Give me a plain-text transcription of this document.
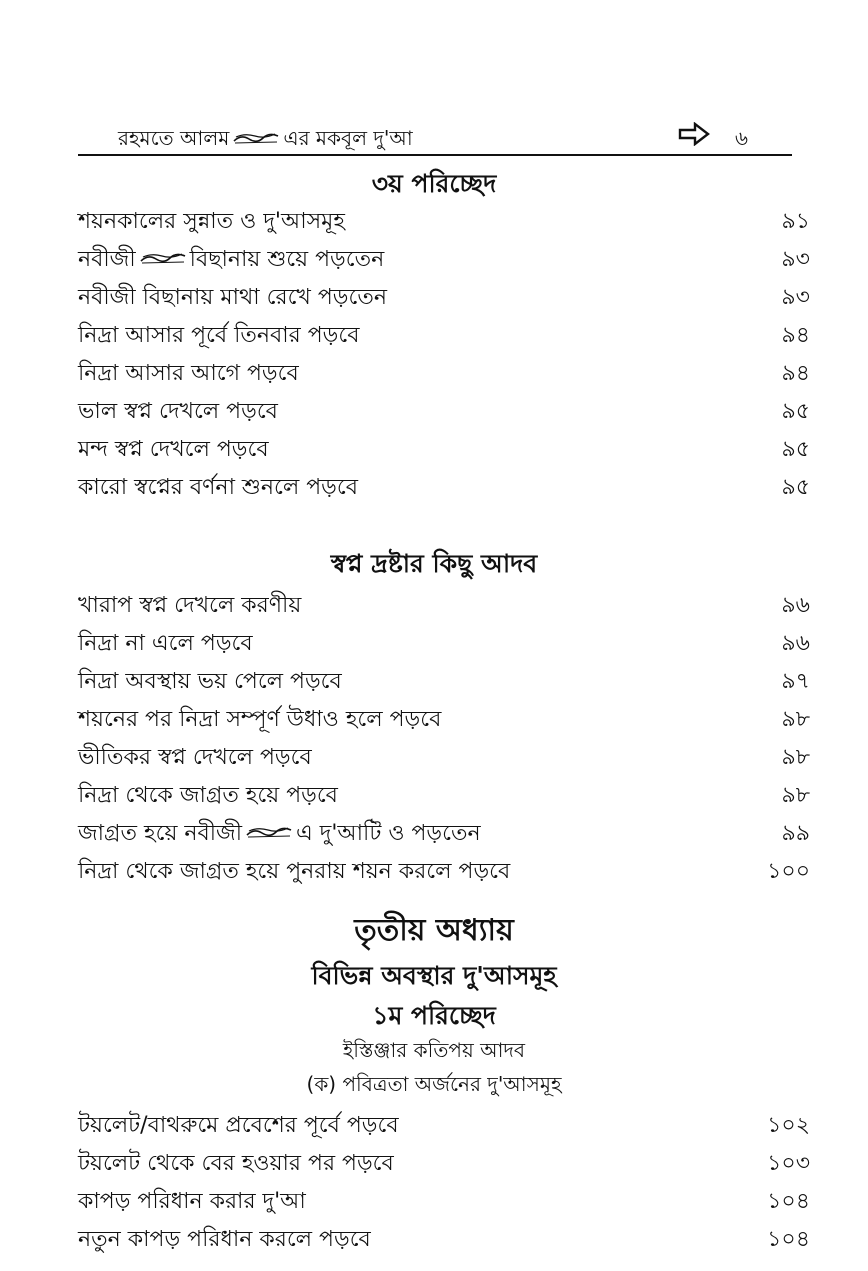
রহমতে আলম	এর মকবূল দু'আ	৬
৩য় পরিচ্ছেদ
শয়নকালের সুন্নাত ও দু'আসমূহ	৯১
নবীজী বিছানায় শুয়ে পড়তেন	৯৩
নবীজী বিছানায় মাথা রেখে পড়তেন	৯৩
নিদ্রা আসার পূর্বে তিনবার পড়বে	৯৪
নিদ্রা আসার আগে পড়বে	৯৪
ভাল স্বপ্ন দেখলে পড়বে	৯৫
মন্দ স্বপ্ন দেখলে পড়বে	৯৫
কারো স্বপ্নের বর্ণনা শুনলে পড়বে	৯৫
স্বপ্ন দ্রষ্টার কিছু আদব
খারাপ স্বপ্ন দেখলে করণীয়	৯৬
নিদ্রা না এলে পড়বে	৯৬
নিদ্রা অবস্থায় ভয় পেলে পড়বে	৯৭
শয়নের পর নিদ্রা সম্পূর্ণ উধাও হলে পড়বে	৯৮
ভীতিকর স্বপ্ন দেখলে পড়বে	৯৮
নিদ্রা থেকে জাগ্রত হয়ে পড়বে	৯৮
জাগ্রত হয়ে নবীজী এ দু'আটি ও পড়তেন	৯৯
নিদ্রা থেকে জাগ্রত হয়ে পুনরায় শয়ন করলে পড়বে	১০০
তৃতীয় অধ্যায়
বিভিন্ন অবস্থার দু'আসমূহ
১ম পরিচ্ছেদ
ইস্তিঞ্জার কতিপয় আদব
(ক) পবিত্রতা অর্জনের দু'আসমূহ
টয়লেট/বাথরুমে প্রবেশের পূর্বে পড়বে	১০২
টয়লেট থেকে বের হওয়ার পর পড়বে	১০৩
কাপড় পরিধান করার দু'আ	১০৪
নতুন কাপড় পরিধান করলে পড়বে	১০৪
